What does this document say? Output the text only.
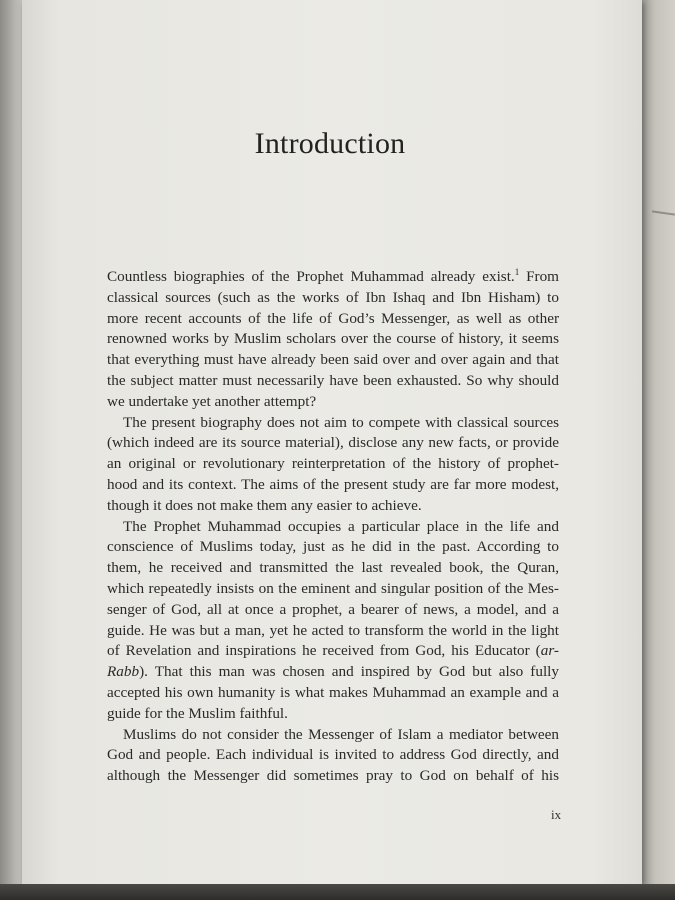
Introduction
Countless biographies of the Prophet Muhammad already exist.$^1$ From
classical sources (such as the works of Ibn Ishaq and Ibn Hisham) to
more recent accounts of the life of God’s Messenger, as well as other
renowned works by Muslim scholars over the course of history, it seems
that everything must have already been said over and over again and that
the subject matter must necessarily have been exhausted. So why should
we undertake yet another attempt?
The present biography does not aim to compete with classical sources
(which indeed are its source material), disclose any new facts, or provide
an original or revolutionary reinterpretation of the history of prophet-
hood and its context. The aims of the present study are far more modest,
though it does not make them any easier to achieve.
The Prophet Muhammad occupies a particular place in the life and
conscience of Muslims today, just as he did in the past. According to
them, he received and transmitted the last revealed book, the Quran,
which repeatedly insists on the eminent and singular position of the Mes-
senger of God, all at once a prophet, a bearer of news, a model, and a
guide. He was but a man, yet he acted to transform the world in the light
of Revelation and inspirations he received from God, his Educator (ar-
Rabb). That this man was chosen and inspired by God but also fully
accepted his own humanity is what makes Muhammad an example and a
guide for the Muslim faithful.
Muslims do not consider the Messenger of Islam a mediator between
God and people. Each individual is invited to address God directly, and
although the Messenger did sometimes pray to God on behalf of his
ix
